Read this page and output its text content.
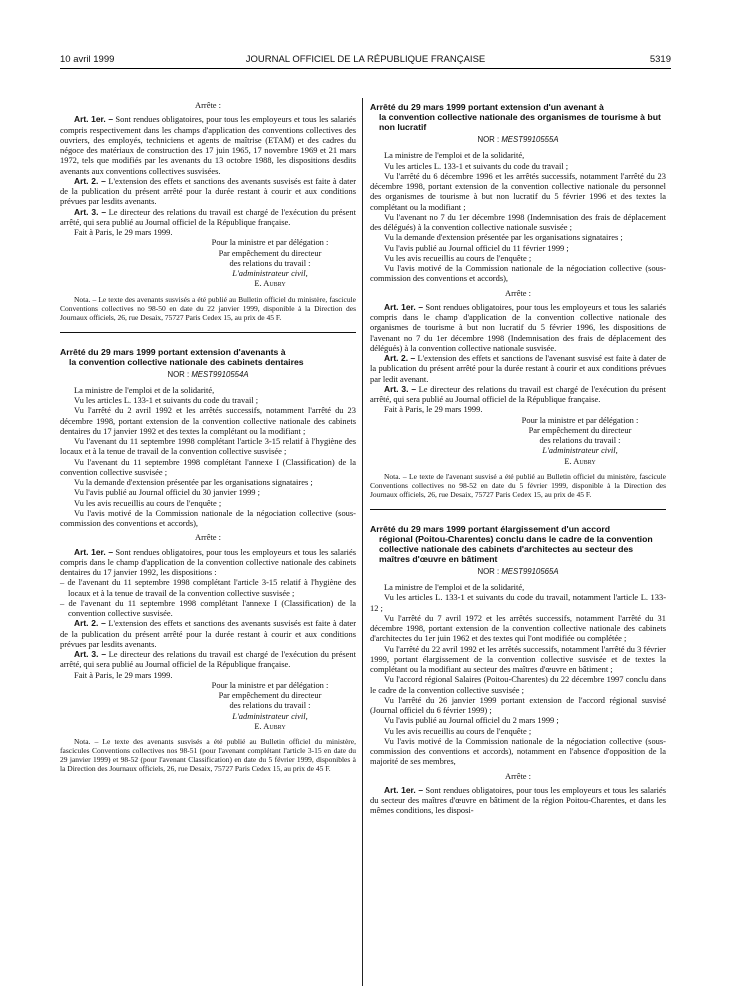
10 avril 1999	JOURNAL OFFICIEL DE LA RÉPUBLIQUE FRANÇAISE	5319

Arrête :

Art. 1er. – Sont rendues obligatoires, pour tous les employeurs et tous les salariés compris respectivement dans les champs d'application des conventions collectives des ouvriers, des employés, techniciens et agents de maîtrise (ETAM) et des cadres du négoce des matériaux de construction des 17 juin 1965, 17 novembre 1969 et 21 mars 1972, tels que modifiés par les avenants du 13 octobre 1988, les dispositions desdits avenants aux conventions collectives susvisées.

Art. 2. – L'extension des effets et sanctions des avenants susvisés est faite à dater de la publication du présent arrêté pour la durée restant à courir et aux conditions prévues par lesdits avenants.

Art. 3. – Le directeur des relations du travail est chargé de l'exécution du présent arrêté, qui sera publié au Journal officiel de la République française.

Fait à Paris, le 29 mars 1999.

Pour la ministre et par délégation :

Par empêchement du directeur

des relations du travail :

L'administrateur civil,

E. Aubry

Nota. – Le texte des avenants susvisés a été publié au Bulletin officiel du ministère, fascicule Conventions collectives no 98-50 en date du 22 janvier 1999, disponible à la Direction des Journaux officiels, 26, rue Desaix, 75727 Paris Cedex 15, au prix de 45 F.

Arrêté du 29 mars 1999 portant extension d'avenants à
la convention collective nationale des cabinets dentaires

NOR : MEST9910554A

La ministre de l'emploi et de la solidarité,

Vu les articles L. 133-1 et suivants du code du travail ;

Vu l'arrêté du 2 avril 1992 et les arrêtés successifs, notamment l'arrêté du 23 décembre 1998, portant extension de la convention collective nationale des cabinets dentaires du 17 janvier 1992 et des textes la complétant ou la modifiant ;

Vu l'avenant du 11 septembre 1998 complétant l'article 3-15 relatif à l'hygiène des locaux et à la tenue de travail de la convention collective susvisée ;

Vu l'avenant du 11 septembre 1998 complétant l'annexe I (Classification) de la convention collective susvisée ;

Vu la demande d'extension présentée par les organisations signataires ;

Vu l'avis publié au Journal officiel du 30 janvier 1999 ;

Vu les avis recueillis au cours de l'enquête ;

Vu l'avis motivé de la Commission nationale de la négociation collective (sous-commission des conventions et accords),

Arrête :

Art. 1er. – Sont rendues obligatoires, pour tous les employeurs et tous les salariés compris dans le champ d'application de la convention collective nationale des cabinets dentaires du 17 janvier 1992, les dispositions :

– de l'avenant du 11 septembre 1998 complétant l'article 3-15 relatif à l'hygiène des locaux et à la tenue de travail de la convention collective susvisée ;

– de l'avenant du 11 septembre 1998 complétant l'annexe I (Classification) de la convention collective susvisée.

Art. 2. – L'extension des effets et sanctions des avenants susvisés est faite à dater de la publication du présent arrêté pour la durée restant à courir et aux conditions prévues par lesdits avenants.

Art. 3. – Le directeur des relations du travail est chargé de l'exécution du présent arrêté, qui sera publié au Journal officiel de la République française.

Fait à Paris, le 29 mars 1999.

Pour la ministre et par délégation :

Par empêchement du directeur

des relations du travail :

L'administrateur civil,

E. Aubry

Nota. – Le texte des avenants susvisés a été publié au Bulletin officiel du ministère, fascicules Conventions collectives nos 98-51 (pour l'avenant complétant l'article 3-15 en date du 29 janvier 1999) et 98-52 (pour l'avenant Classification) en date du 5 février 1999, disponibles à la Direction des Journaux officiels, 26, rue Desaix, 75727 Paris Cedex 15, au prix de 45 F.

Arrêté du 29 mars 1999 portant extension d'un avenant à
la convention collective nationale des organismes de tourisme à but non lucratif

NOR : MEST9910555A

La ministre de l'emploi et de la solidarité,

Vu les articles L. 133-1 et suivants du code du travail ;

Vu l'arrêté du 6 décembre 1996 et les arrêtés successifs, notamment l'arrêté du 23 décembre 1998, portant extension de la convention collective nationale du personnel des organismes de tourisme à but non lucratif du 5 février 1996 et des textes la complétant ou la modifiant ;

Vu l'avenant no 7 du 1er décembre 1998 (Indemnisation des frais de déplacement des délégués) à la convention collective nationale susvisée ;

Vu la demande d'extension présentée par les organisations signataires ;

Vu l'avis publié au Journal officiel du 11 février 1999 ;

Vu les avis recueillis au cours de l'enquête ;

Vu l'avis motivé de la Commission nationale de la négociation collective (sous-commission des conventions et accords),

Arrête :

Art. 1er. – Sont rendues obligatoires, pour tous les employeurs et tous les salariés compris dans le champ d'application de la convention collective nationale des organismes de tourisme à but non lucratif du 5 février 1996, les dispositions de l'avenant no 7 du 1er décembre 1998 (Indemnisation des frais de déplacement des délégués) à la convention collective nationale susvisée.

Art. 2. – L'extension des effets et sanctions de l'avenant susvisé est faite à dater de la publication du présent arrêté pour la durée restant à courir et aux conditions prévues par ledit avenant.

Art. 3. – Le directeur des relations du travail est chargé de l'exécution du présent arrêté, qui sera publié au Journal officiel de la République française.

Fait à Paris, le 29 mars 1999.

Pour la ministre et par délégation :

Par empêchement du directeur

des relations du travail :

L'administrateur civil,

E. Aubry

Nota. – Le texte de l'avenant susvisé a été publié au Bulletin officiel du ministère, fascicule Conventions collectives no 98-52 en date du 5 février 1999, disponible à la Direction des Journaux officiels, 26, rue Desaix, 75727 Paris Cedex 15, au prix de 45 F.

Arrêté du 29 mars 1999 portant élargissement d'un accord
régional (Poitou-Charentes) conclu dans le cadre de la convention collective nationale des cabinets d'architectes au secteur des maîtres d'œuvre en bâtiment

NOR : MEST9910565A

La ministre de l'emploi et de la solidarité,

Vu les articles L. 133-1 et suivants du code du travail, notamment l'article L. 133-12 ;

Vu l'arrêté du 7 avril 1972 et les arrêtés successifs, notamment l'arrêté du 31 décembre 1998, portant extension de la convention collective nationale des cabinets d'architectes du 1er juin 1962 et des textes qui l'ont modifiée ou complétée ;

Vu l'arrêté du 22 avril 1992 et les arrêtés successifs, notamment l'arrêté du 3 février 1999, portant élargissement de la convention collective susvisée et de textes la complétant ou la modifiant au secteur des maîtres d'œuvre en bâtiment ;

Vu l'accord régional Salaires (Poitou-Charentes) du 22 décembre 1997 conclu dans le cadre de la convention collective susvisée ;

Vu l'arrêté du 26 janvier 1999 portant extension de l'accord régional susvisé (Journal officiel du 6 février 1999) ;

Vu l'avis publié au Journal officiel du 2 mars 1999 ;

Vu les avis recueillis au cours de l'enquête ;

Vu l'avis motivé de la Commission nationale de la négociation collective (sous-commission des conventions et accords), notamment en l'absence d'opposition de la majorité de ses membres,

Arrête :

Art. 1er. – Sont rendues obligatoires, pour tous les employeurs et tous les salariés du secteur des maîtres d'œuvre en bâtiment de la région Poitou-Charentes, et dans les mêmes conditions, les disposi-
